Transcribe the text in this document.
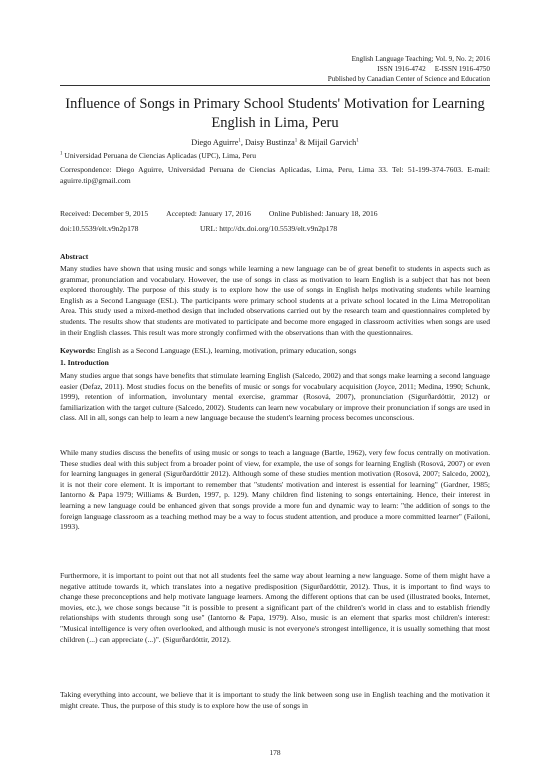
English Language Teaching; Vol. 9, No. 2; 2016
ISSN 1916-4742     E-ISSN 1916-4750
Published by Canadian Center of Science and Education
Influence of Songs in Primary School Students' Motivation for Learning English in Lima, Peru
Diego Aguirre$^1$, Daisy Bustinza$^1$ & Mijail Garvich$^1$
$^1$ Universidad Peruana de Ciencias Aplicadas (UPC), Lima, Peru
Correspondence: Diego Aguirre, Universidad Peruana de Ciencias Aplicadas, Lima, Peru, Lima 33. Tel: 51-199-374-7603. E-mail: aguirre.tip@gmail.com
Received: December 9, 2015 Accepted: January 17, 2016 Online Published: January 18, 2016
doi:10.5539/elt.v9n2p178	URL: http://dx.doi.org/10.5539/elt.v9n2p178
Abstract
Many studies have shown that using music and songs while learning a new language can be of great benefit to students in aspects such as grammar, pronunciation and vocabulary. However, the use of songs in class as motivation to learn English is a subject that has not been explored thoroughly. The purpose of this study is to explore how the use of songs in English helps motivating students while learning English as a Second Language (ESL). The participants were primary school students at a private school located in the Lima Metropolitan Area. This study used a mixed-method design that included observations carried out by the research team and questionnaires completed by students. The results show that students are motivated to participate and become more engaged in classroom activities when songs are used in their English classes. This result was more strongly confirmed with the observations than with the questionnaires.
Keywords: English as a Second Language (ESL), learning, motivation, primary education, songs
1. Introduction
Many studies argue that songs have benefits that stimulate learning English (Salcedo, 2002) and that songs make learning a second language easier (Defaz, 2011). Most studies focus on the benefits of music or songs for vocabulary acquisition (Joyce, 2011; Medina, 1990; Schunk, 1999), retention of information, involuntary mental exercise, grammar (Rosová, 2007), pronunciation (Sigurðardóttir, 2012) or familiarization with the target culture (Salcedo, 2002). Students can learn new vocabulary or improve their pronunciation if songs are used in class. All in all, songs can help to learn a new language because the student's learning process becomes unconscious.
While many studies discuss the benefits of using music or songs to teach a language (Bartle, 1962), very few focus centrally on motivation. These studies deal with this subject from a broader point of view, for example, the use of songs for learning English (Rosová, 2007) or even for learning languages in general (Sigurðardóttir 2012). Although some of these studies mention motivation (Rosová, 2007; Salcedo, 2002), it is not their core element. It is important to remember that "students' motivation and interest is essential for learning" (Gardner, 1985; Iantorno & Papa 1979; Williams & Burden, 1997, p. 129). Many children find listening to songs entertaining. Hence, their interest in learning a new language could be enhanced given that songs provide a more fun and dynamic way to learn: "the addition of songs to the foreign language classroom as a teaching method may be a way to focus student attention, and produce a more committed learner" (Failoni, 1993).
Furthermore, it is important to point out that not all students feel the same way about learning a new language. Some of them might have a negative attitude towards it, which translates into a negative predisposition (Sigurðardóttir, 2012). Thus, it is important to find ways to change these preconceptions and help motivate language learners. Among the different options that can be used (illustrated books, Internet, movies, etc.), we chose songs because "it is possible to present a significant part of the children's world in class and to establish friendly relationships with students through song use" (Iantorno & Papa, 1979). Also, music is an element that sparks most children's interest: "Musical intelligence is very often overlooked, and although music is not everyone's strongest intelligence, it is usually something that most children (...) can appreciate (...)". (Sigurðardóttir, 2012).
Taking everything into account, we believe that it is important to study the link between song use in English teaching and the motivation it might create. Thus, the purpose of this study is to explore how the use of songs in
178
